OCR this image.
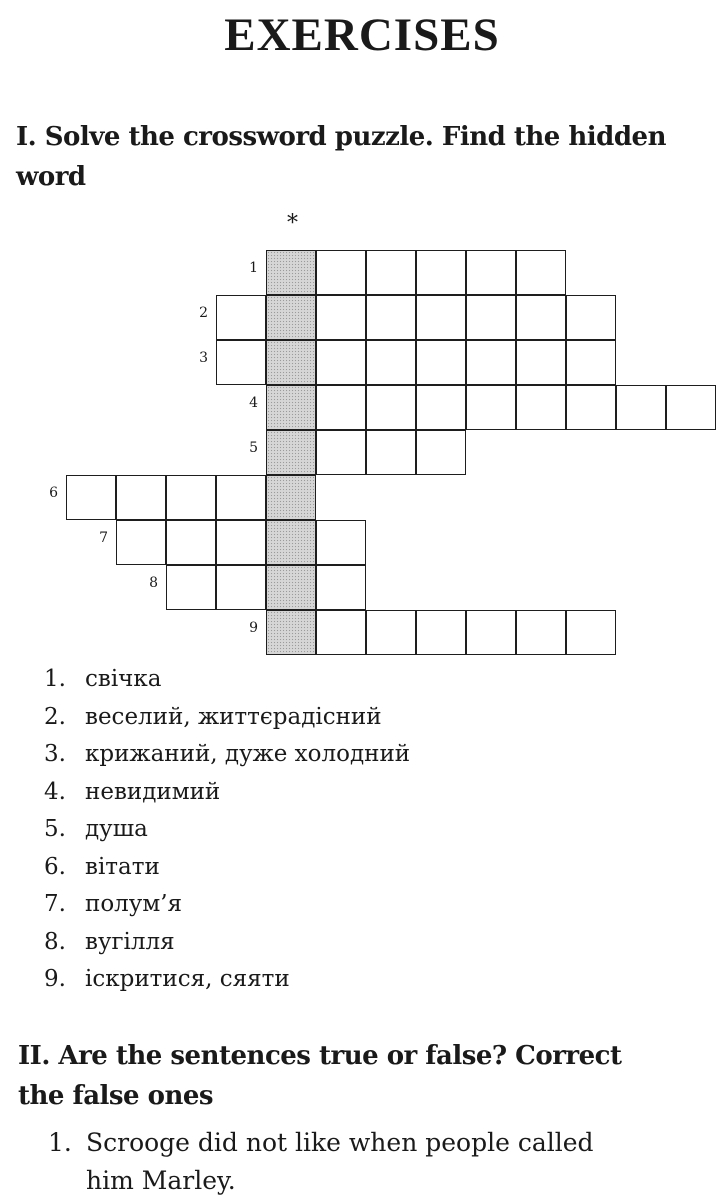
EXERCISES
I. Solve the crossword puzzle. Find the hidden
word
*
1
2
3
4
5
6
7
8
9
1. свічка
2. веселий, життєрадісний
3. крижаний, дуже холодний
4. невидимий
5. душа
6. вітати
7. полум’я
8. вугілля
9. іскритися, сяяти
II. Are the sentences true or false? Correct
the false ones
1. Scrooge did not like when people called
him Marley.
